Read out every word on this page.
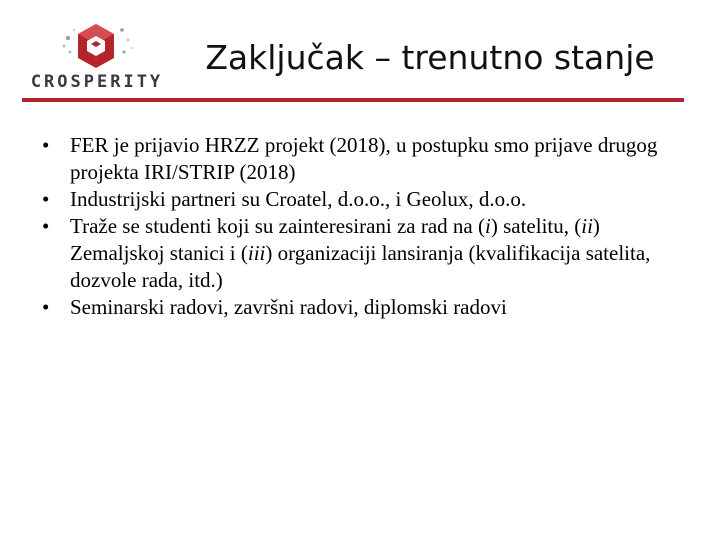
CROSPERITY
Zaključak – trenutno stanje
• FER je prijavio HRZZ projekt (2018), u postupku smo prijave drugog projekta IRI/STRIP (2018)
• Industrijski partneri su Croatel, d.o.o., i Geolux, d.o.o.
• Traže se studenti koji su zainteresirani za rad na (i) satelitu, (ii) Zemaljskoj stanici i (iii) organizaciji lansiranja (kvalifikacija satelita, dozvole rada, itd.)
• Seminarski radovi, završni radovi, diplomski radovi
